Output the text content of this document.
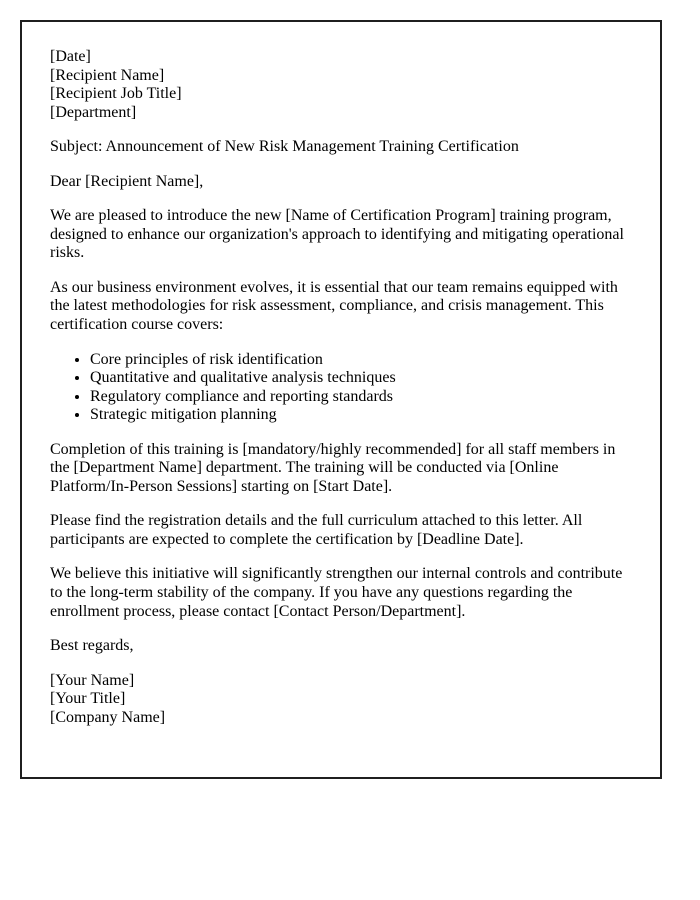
[Date]
[Recipient Name]
[Recipient Job Title]
[Department]

Subject: Announcement of New Risk Management Training Certification

Dear [Recipient Name],

We are pleased to introduce the new [Name of Certification Program] training program, designed to enhance our organization's approach to identifying and mitigating operational risks.

As our business environment evolves, it is essential that our team remains equipped with the latest methodologies for risk assessment, compliance, and crisis management. This certification course covers:

• Core principles of risk identification
• Quantitative and qualitative analysis techniques
• Regulatory compliance and reporting standards
• Strategic mitigation planning

Completion of this training is [mandatory/highly recommended] for all staff members in the [Department Name] department. The training will be conducted via [Online Platform/In-Person Sessions] starting on [Start Date].

Please find the registration details and the full curriculum attached to this letter. All participants are expected to complete the certification by [Deadline Date].

We believe this initiative will significantly strengthen our internal controls and contribute to the long-term stability of the company. If you have any questions regarding the enrollment process, please contact [Contact Person/Department].

Best regards,

[Your Name]
[Your Title]
[Company Name]
